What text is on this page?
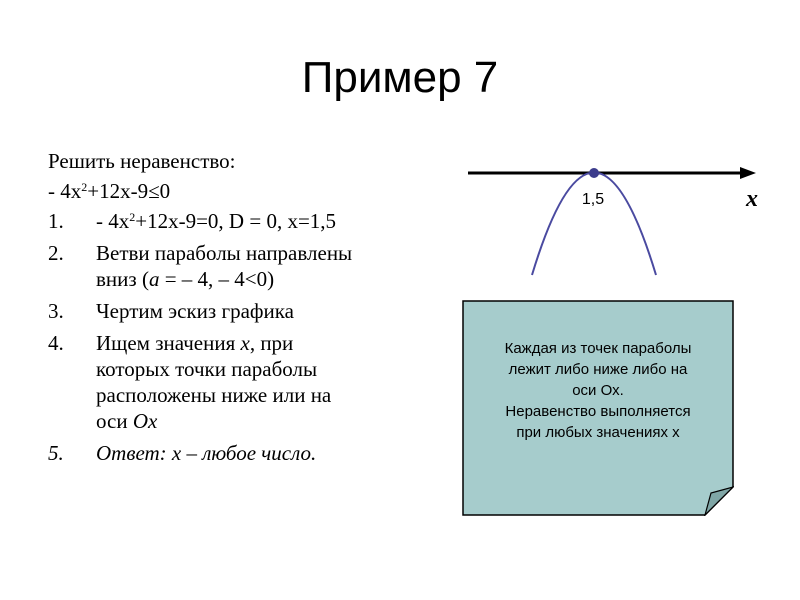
Пример 7
Решить неравенство:
- $4х^2+12х-9\le 0$
1. - $4х^2+12х-9=0$, D = 0, х=1,5
2. Ветви параболы направлены
вниз (а = – 4, – 4<0)
3. Чертим эскиз графика
4. Ищем значения х, при
которых точки параболы
расположены ниже или на
оси Ох
5. Ответ: х – любое число.
1,5	x
Каждая из точек параболы
лежит либо ниже либо на
оси Ох.
Неравенство выполняется
при любых значениях х
